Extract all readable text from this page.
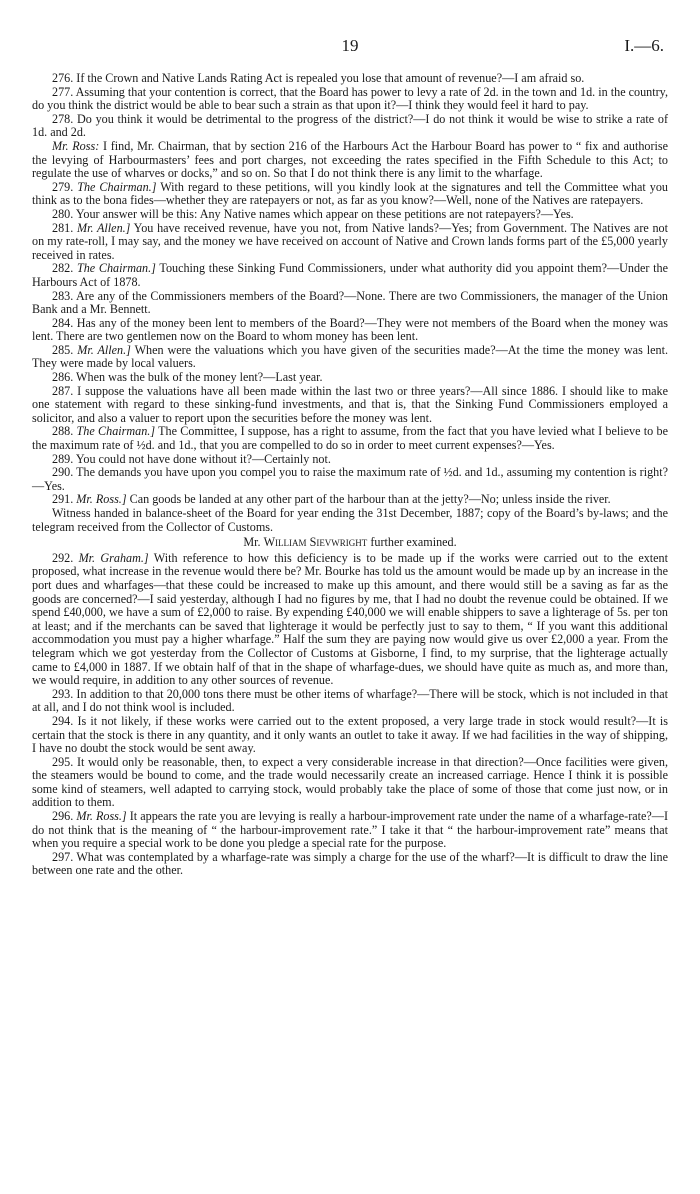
19	I.—6.

276. If the Crown and Native Lands Rating Act is repealed you lose that amount of revenue?—I am afraid so.

277. Assuming that your contention is correct, that the Board has power to levy a rate of 2d. in the town and 1d. in the country, do you think the district would be able to bear such a strain as that upon it?—I think they would feel it hard to pay.

278. Do you think it would be detrimental to the progress of the district?—I do not think it would be wise to strike a rate of 1d. and 2d.

Mr. Ross: I find, Mr. Chairman, that by section 216 of the Harbours Act the Harbour Board has power to “ fix and authorise the levying of Harbourmasters’ fees and port charges, not exceeding the rates specified in the Fifth Schedule to this Act; to regulate the use of wharves or docks,” and so on. So that I do not think there is any limit to the wharfage.

279. The Chairman.] With regard to these petitions, will you kindly look at the signatures and tell the Committee what you think as to the bona fides—whether they are ratepayers or not, as far as you know?—Well, none of the Natives are ratepayers.

280. Your answer will be this: Any Native names which appear on these petitions are not ratepayers?—Yes.

281. Mr. Allen.] You have received revenue, have you not, from Native lands?—Yes; from Government. The Natives are not on my rate-roll, I may say, and the money we have received on account of Native and Crown lands forms part of the £5,000 yearly received in rates.

282. The Chairman.] Touching these Sinking Fund Commissioners, under what authority did you appoint them?—Under the Harbours Act of 1878.

283. Are any of the Commissioners members of the Board?—None. There are two Commissioners, the manager of the Union Bank and a Mr. Bennett.

284. Has any of the money been lent to members of the Board?—They were not members of the Board when the money was lent. There are two gentlemen now on the Board to whom money has been lent.

285. Mr. Allen.] When were the valuations which you have given of the securities made?—At the time the money was lent. They were made by local valuers.

286. When was the bulk of the money lent?—Last year.

287. I suppose the valuations have all been made within the last two or three years?—All since 1886. I should like to make one statement with regard to these sinking-fund investments, and that is, that the Sinking Fund Commissioners employed a solicitor, and also a valuer to report upon the securities before the money was lent.

288. The Chairman.] The Committee, I suppose, has a right to assume, from the fact that you have levied what I believe to be the maximum rate of ½d. and 1d., that you are compelled to do so in order to meet current expenses?—Yes.

289. You could not have done without it?—Certainly not.

290. The demands you have upon you compel you to raise the maximum rate of ½d. and 1d., assuming my contention is right?—Yes.

291. Mr. Ross.] Can goods be landed at any other part of the harbour than at the jetty?—No; unless inside the river.

Witness handed in balance-sheet of the Board for year ending the 31st December, 1887; copy of the Board’s by-laws; and the telegram received from the Collector of Customs.

Mr. William Sievwright further examined.

292. Mr. Graham.] With reference to how this deficiency is to be made up if the works were carried out to the extent proposed, what increase in the revenue would there be? Mr. Bourke has told us the amount would be made up by an increase in the port dues and wharfages—that these could be increased to make up this amount, and there would still be a saving as far as the goods are concerned?—I said yesterday, although I had no figures by me, that I had no doubt the revenue could be obtained. If we spend £40,000, we have a sum of £2,000 to raise. By expending £40,000 we will enable shippers to save a lighterage of 5s. per ton at least; and if the merchants can be saved that lighterage it would be perfectly just to say to them, “ If you want this additional accommodation you must pay a higher wharfage.” Half the sum they are paying now would give us over £2,000 a year. From the telegram which we got yesterday from the Collector of Customs at Gisborne, I find, to my surprise, that the lighterage actually came to £4,000 in 1887. If we obtain half of that in the shape of wharfage-dues, we should have quite as much as, and more than, we would require, in addition to any other sources of revenue.

293. In addition to that 20,000 tons there must be other items of wharfage?—There will be stock, which is not included in that at all, and I do not think wool is included.

294. Is it not likely, if these works were carried out to the extent proposed, a very large trade in stock would result?—It is certain that the stock is there in any quantity, and it only wants an outlet to take it away. If we had facilities in the way of shipping, I have no doubt the stock would be sent away.

295. It would only be reasonable, then, to expect a very considerable increase in that direction?—Once facilities were given, the steamers would be bound to come, and the trade would necessarily create an increased carriage. Hence I think it is possible some kind of steamers, well adapted to carrying stock, would probably take the place of some of those that come just now, or in addition to them.

296. Mr. Ross.] It appears the rate you are levying is really a harbour-improvement rate under the name of a wharfage-rate?—I do not think that is the meaning of “ the harbour-improvement rate.” I take it that “ the harbour-improvement rate” means that when you require a special work to be done you pledge a special rate for the purpose.

297. What was contemplated by a wharfage-rate was simply a charge for the use of the wharf?—It is difficult to draw the line between one rate and the other.
